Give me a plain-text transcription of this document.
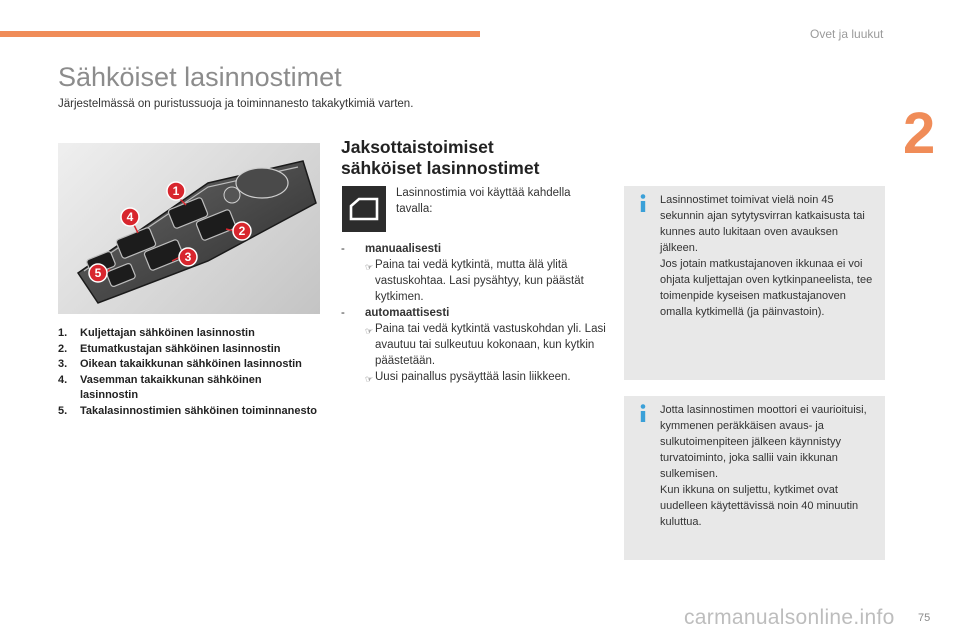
Ovet ja luukut
2
Sähköiset lasinnostimet
Järjestelmässä on puristussuoja ja toiminnanesto takakytkimiä varten.
1
2
3
4
5
1.	Kuljettajan sähköinen lasinnostin
2.	Etumatkustajan sähköinen lasinnostin
3.	Oikean takaikkunan sähköinen lasinnostin
4.	Vasemman takaikkunan sähköinen lasinnostin
5.	Takalasinnostimien sähköinen toiminnanesto
Jaksottaistoimiset
sähköiset lasinnostimet
Lasinnostimia voi käyttää kahdella tavalla:
-	manuaalisesti
☞ Paina tai vedä kytkintä, mutta älä ylitä vastuskohtaa. Lasi pysähtyy, kun päästät kytkimen.
-	automaattisesti
☞ Paina tai vedä kytkintä vastuskohdan yli. Lasi avautuu tai sulkeutuu kokonaan, kun kytkin päästetään.
☞ Uusi painallus pysäyttää lasin liikkeen.
Lasinnostimet toimivat vielä noin 45 sekunnin ajan sytytysvirran katkaisusta tai kunnes auto lukitaan oven avauksen jälkeen.
Jos jotain matkustajanoven ikkunaa ei voi ohjata kuljettajan oven kytkinpaneelista, tee toimenpide kyseisen matkustajanoven omalla kytkimellä (ja päinvastoin).
Jotta lasinnostimen moottori ei vaurioituisi, kymmenen peräkkäisen avaus- ja sulkutoimenpiteen jälkeen käynnistyy turvatoiminto, joka sallii vain ikkunan sulkemisen.
Kun ikkuna on suljettu, kytkimet ovat uudelleen käytettävissä noin 40 minuutin kuluttua.
carmanualsonline.info 75
